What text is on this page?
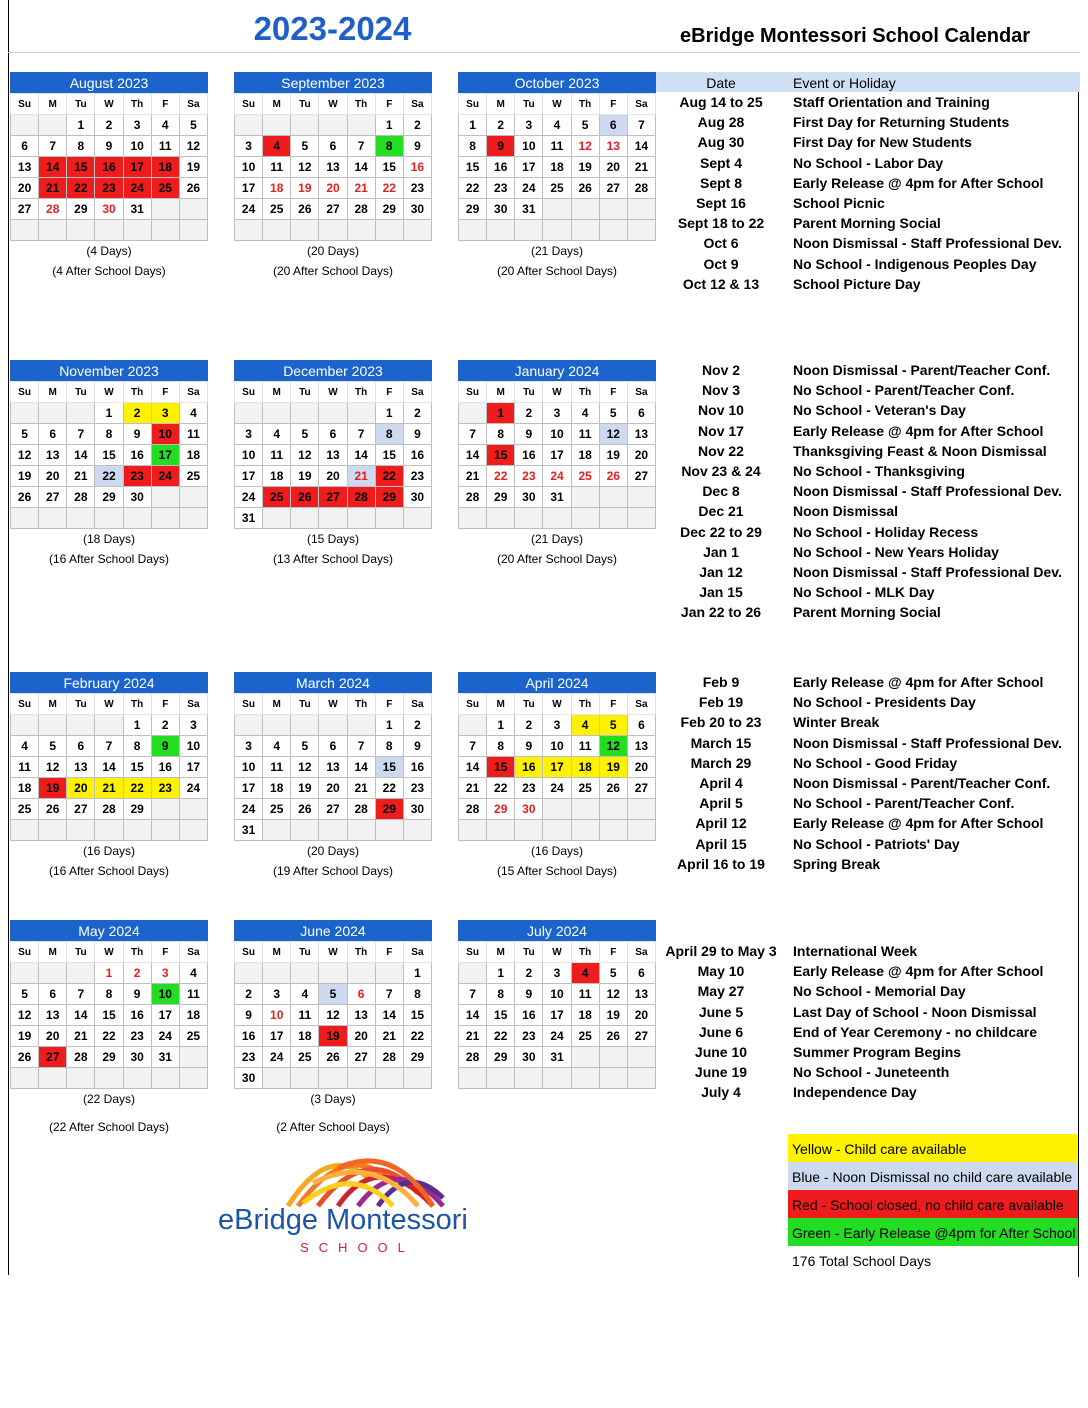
2023-2024	eBridge Montessori School Calendar
August 2023
Su	M	Tu	W	Th	F	Sa
		1	2	3	4	5
6	7	8	9	10	11	12
13	14	15	16	17	18	19
20	21	22	23	24	25	26
27	28	29	30	31		

(4 Days)
(4 After School Days)
September 2023
Su	M	Tu	W	Th	F	Sa
					1	2
3	4	5	6	7	8	9
10	11	12	13	14	15	16
17	18	19	20	21	22	23
24	25	26	27	28	29	30

(20 Days)
(20 After School Days)
October 2023
Su	M	Tu	W	Th	F	Sa
1	2	3	4	5	6	7
8	9	10	11	12	13	14
15	16	17	18	19	20	21
22	23	24	25	26	27	28
29	30	31				

(21 Days)
(20 After School Days)
November 2023
Su	M	Tu	W	Th	F	Sa
			1	2	3	4
5	6	7	8	9	10	11
12	13	14	15	16	17	18
19	20	21	22	23	24	25
26	27	28	29	30		

(18 Days)
(16 After School Days)
December 2023
Su	M	Tu	W	Th	F	Sa
					1	2
3	4	5	6	7	8	9
10	11	12	13	14	15	16
17	18	19	20	21	22	23
24	25	26	27	28	29	30
31						
(15 Days)
(13 After School Days)
January 2024
Su	M	Tu	W	Th	F	Sa
	1	2	3	4	5	6
7	8	9	10	11	12	13
14	15	16	17	18	19	20
21	22	23	24	25	26	27
28	29	30	31			

(21 Days)
(20 After School Days)
February 2024
Su	M	Tu	W	Th	F	Sa
				1	2	3
4	5	6	7	8	9	10
11	12	13	14	15	16	17
18	19	20	21	22	23	24
25	26	27	28	29		

(16 Days)
(16 After School Days)
March 2024
Su	M	Tu	W	Th	F	Sa
					1	2
3	4	5	6	7	8	9
10	11	12	13	14	15	16
17	18	19	20	21	22	23
24	25	26	27	28	29	30
31						
(20 Days)
(19 After School Days)
April 2024
Su	M	Tu	W	Th	F	Sa
	1	2	3	4	5	6
7	8	9	10	11	12	13
14	15	16	17	18	19	20
21	22	23	24	25	26	27
28	29	30				

(16 Days)
(15 After School Days)
May 2024
Su	M	Tu	W	Th	F	Sa
			1	2	3	4
5	6	7	8	9	10	11
12	13	14	15	16	17	18
19	20	21	22	23	24	25
26	27	28	29	30	31	

(22 Days)
(22 After School Days)
June 2024
Su	M	Tu	W	Th	F	Sa
						1
2	3	4	5	6	7	8
9	10	11	12	13	14	15
16	17	18	19	20	21	22
23	24	25	26	27	28	29
30						
(3 Days)
(2 After School Days)
July 2024
Su	M	Tu	W	Th	F	Sa
	1	2	3	4	5	6
7	8	9	10	11	12	13
14	15	16	17	18	19	20
21	22	23	24	25	26	27
28	29	30	31			

Date	Event or Holiday
Aug 14 to 25	Staff Orientation and Training
Aug 28	First Day for Returning Students
Aug 30	First Day for New Students
Sept 4	No School - Labor Day
Sept 8	Early Release @ 4pm for After School
Sept 16	School Picnic
Sept 18 to 22	Parent Morning Social
Oct 6	Noon Dismissal - Staff Professional Dev.
Oct 9	No School - Indigenous Peoples Day
Oct 12 & 13	School Picture Day
Nov 2	Noon Dismissal - Parent/Teacher Conf.
Nov 3	No School - Parent/Teacher Conf.
Nov 10	No School - Veteran's Day
Nov 17	Early Release @ 4pm for After School
Nov 22	Thanksgiving Feast & Noon Dismissal
Nov 23 & 24	No School - Thanksgiving
Dec 8	Noon Dismissal - Staff Professional Dev.
Dec 21	Noon Dismissal
Dec 22 to 29	No School - Holiday Recess
Jan 1	No School - New Years Holiday
Jan 12	Noon Dismissal - Staff Professional Dev.
Jan 15	No School - MLK Day
Jan 22 to 26	Parent Morning Social
Feb 9	Early Release @ 4pm for After School
Feb 19	No School - Presidents Day
Feb 20 to 23	Winter Break
March 15	Noon Dismissal - Staff Professional Dev.
March 29	No School - Good Friday
April 4	Noon Dismissal - Parent/Teacher Conf.
April 5	No School - Parent/Teacher Conf.
April 12	Early Release @ 4pm for After School
April 15	No School - Patriots' Day
April 16 to 19	Spring Break
April 29 to May 3	International Week
May 10	Early Release @ 4pm for After School
May 27	No School - Memorial Day
June 5	Last Day of School - Noon Dismissal
June 6	End of Year Ceremony - no childcare
June 10	Summer Program Begins
June 19	No School - Juneteenth
July 4	Independence Day
eBridge Montessori
SCHOOL
Yellow - Child care available
Blue - Noon Dismissal no child care available
Red - School closed, no child care available
Green - Early Release @4pm for After School
176 Total School Days
